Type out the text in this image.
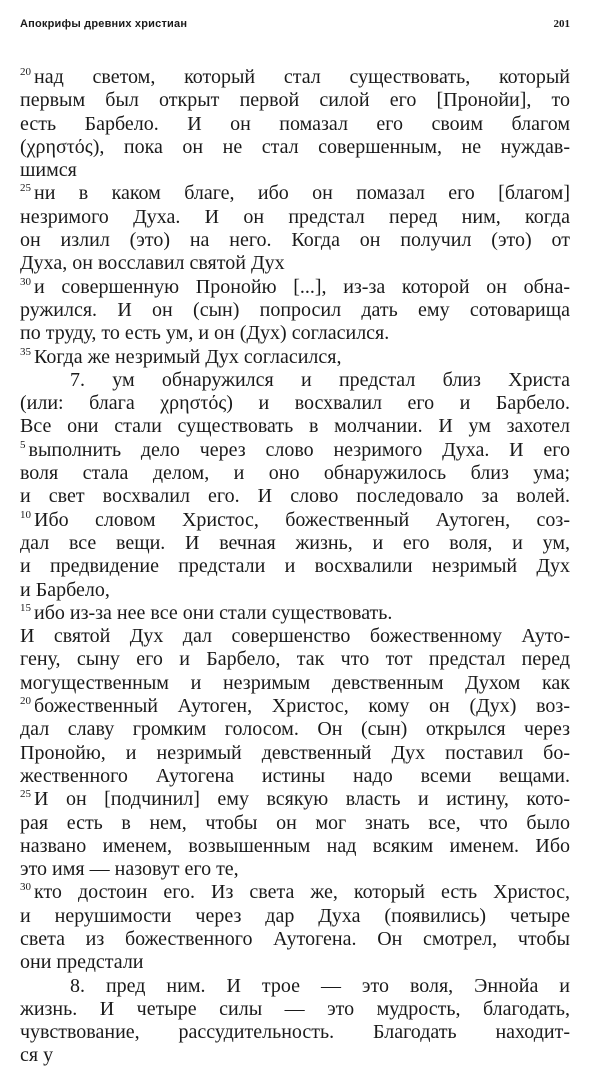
Апокрифы древних христиан	201
$^{20}$ над светом, который стал существовать, который
первым был открыт первой силой его [Пронойи], то
есть Барбело. И он помазал его своим благом
(χρηστός), пока он не стал совершенным, не нуждав-
шимся
$^{25}$ ни в каком благе, ибо он помазал его [благом]
незримого Духа. И он предстал перед ним, когда
он излил (это) на него. Когда он получил (это) от
Духа, он восславил святой Дух
$^{30}$ и совершенную Пронойю [...], из-за которой он обна-
ружился. И он (сын) попросил дать ему сотоварища
по труду, то есть ум, и он (Дух) согласился.
$^{35}$ Когда же незримый Дух согласился,
7. ум обнаружился и предстал близ Христа
(или: блага χρηστός) и восхвалил его и Барбело.
Все они стали существовать в молчании. И ум захотел
$^5$ выполнить дело через слово незримого Духа. И его
воля стала делом, и оно обнаружилось близ ума;
и свет восхвалил его. И слово последовало за волей.
$^{10}$ Ибо словом Христос, божественный Аутоген, соз-
дал все вещи. И вечная жизнь, и его воля, и ум,
и предвидение предстали и восхвалили незримый Дух
и Барбело,
$^{15}$ ибо из-за нее все они стали существовать.
И святой Дух дал совершенство божественному Ауто-
гену, сыну его и Барбело, так что тот предстал перед
могущественным и незримым девственным Духом как
$^{20}$ божественный Аутоген, Христос, кому он (Дух) воз-
дал славу громким голосом. Он (сын) открылся через
Пронойю, и незримый девственный Дух поставил бо-
жественного Аутогена истины надо всеми вещами.
$^{25}$ И он [подчинил] ему всякую власть и истину, кото-
рая есть в нем, чтобы он мог знать все, что было
названо именем, возвышенным над всяким именем. Ибо
это имя — назовут его те,
$^{30}$ кто достоин его. Из света же, который есть Христос,
и нерушимости через дар Духа (появились) четыре
света из божественного Аутогена. Он смотрел, чтобы
они предстали
8. пред ним. И трое — это воля, Эннойа и
жизнь. И четыре силы — это мудрость, благодать,
чувствование, рассудительность. Благодать находит-
ся у
